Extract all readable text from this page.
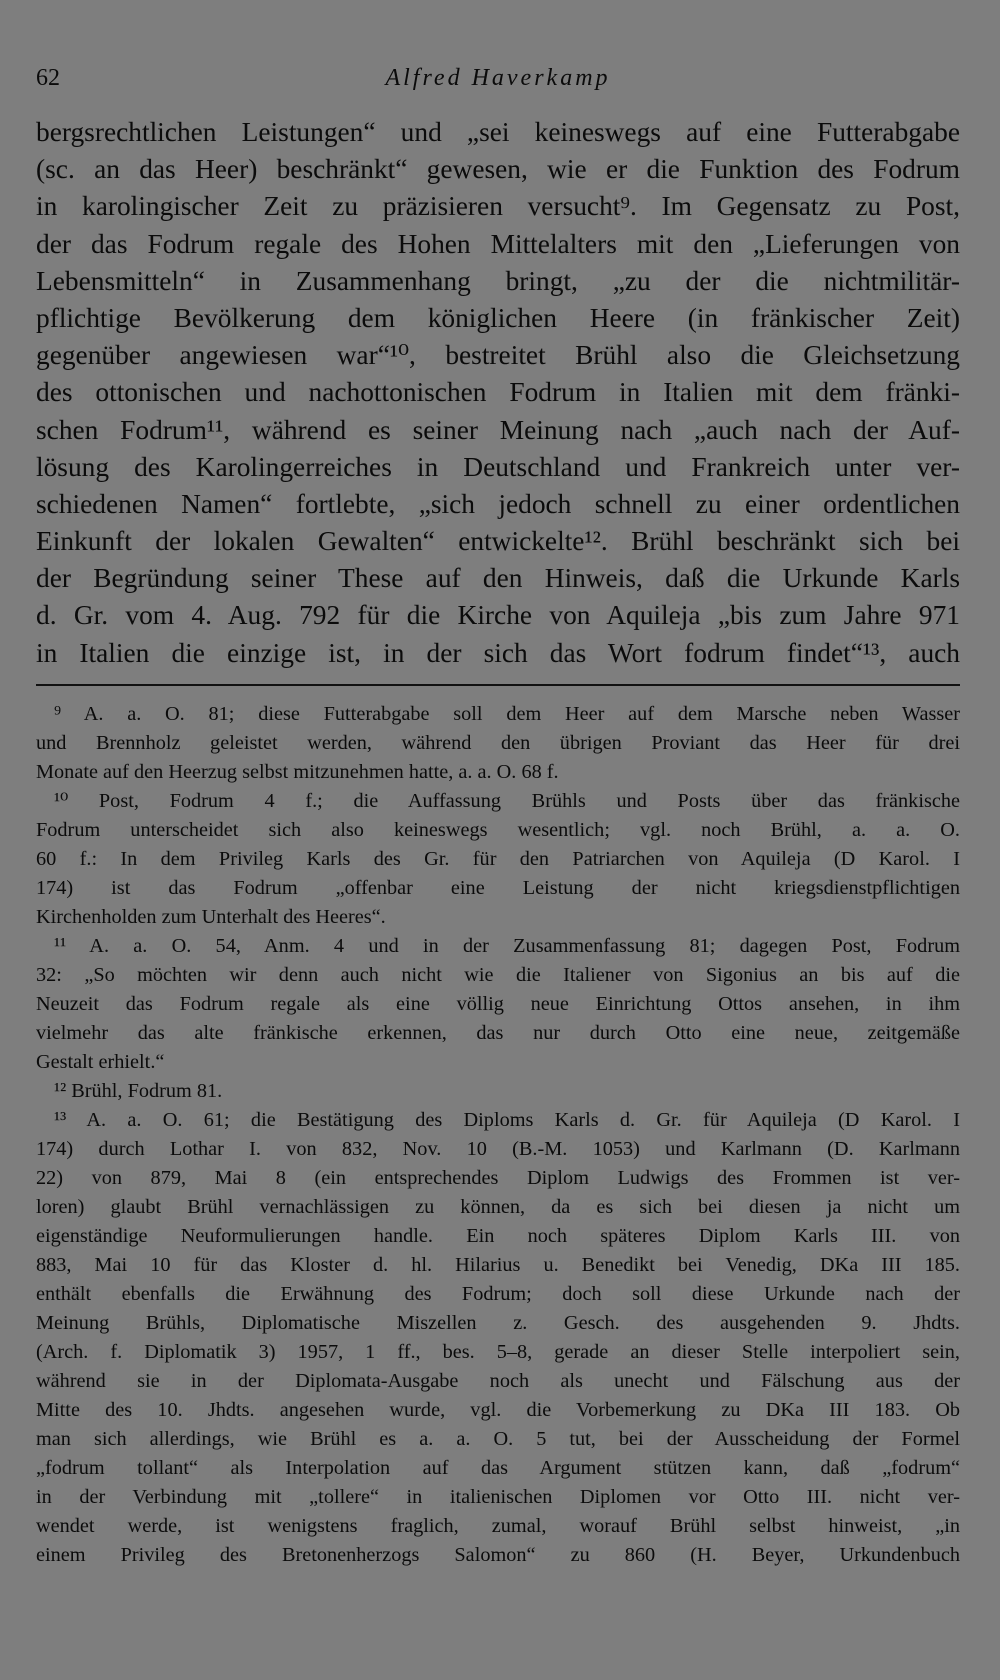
62	Alfred Haverkamp
bergsrechtlichen Leistungen“ und „sei keineswegs auf eine Futterabgabe
(sc. an das Heer) beschränkt“ gewesen, wie er die Funktion des Fodrum
in karolingischer Zeit zu präzisieren versucht⁹. Im Gegensatz zu Post,
der das Fodrum regale des Hohen Mittelalters mit den „Lieferungen von
Lebensmitteln“ in Zusammenhang bringt, „zu der die nichtmilitär-
pflichtige Bevölkerung dem königlichen Heere (in fränkischer Zeit)
gegenüber angewiesen war“¹⁰, bestreitet Brühl also die Gleichsetzung
des ottonischen und nachottonischen Fodrum in Italien mit dem fränki-
schen Fodrum¹¹, während es seiner Meinung nach „auch nach der Auf-
lösung des Karolingerreiches in Deutschland und Frankreich unter ver-
schiedenen Namen“ fortlebte, „sich jedoch schnell zu einer ordentlichen
Einkunft der lokalen Gewalten“ entwickelte¹². Brühl beschränkt sich bei
der Begründung seiner These auf den Hinweis, daß die Urkunde Karls
d. Gr. vom 4. Aug. 792 für die Kirche von Aquileja „bis zum Jahre 971
in Italien die einzige ist, in der sich das Wort fodrum findet“¹³, auch
⁹ A. a. O. 81; diese Futterabgabe soll dem Heer auf dem Marsche neben Wasser
und Brennholz geleistet werden, während den übrigen Proviant das Heer für drei
Monate auf den Heerzug selbst mitzunehmen hatte, a. a. O. 68 f.
¹⁰ Post, Fodrum 4 f.; die Auffassung Brühls und Posts über das fränkische
Fodrum unterscheidet sich also keineswegs wesentlich; vgl. noch Brühl, a. a. O.
60 f.: In dem Privileg Karls des Gr. für den Patriarchen von Aquileja (D Karol. I
174) ist das Fodrum „offenbar eine Leistung der nicht kriegsdienstpflichtigen
Kirchenholden zum Unterhalt des Heeres“.
¹¹ A. a. O. 54, Anm. 4 und in der Zusammenfassung 81; dagegen Post, Fodrum
32: „So möchten wir denn auch nicht wie die Italiener von Sigonius an bis auf die
Neuzeit das Fodrum regale als eine völlig neue Einrichtung Ottos ansehen, in ihm
vielmehr das alte fränkische erkennen, das nur durch Otto eine neue, zeitgemäße
Gestalt erhielt.“
¹² Brühl, Fodrum 81.
¹³ A. a. O. 61; die Bestätigung des Diploms Karls d. Gr. für Aquileja (D Karol. I
174) durch Lothar I. von 832, Nov. 10 (B.-M. 1053) und Karlmann (D. Karlmann
22) von 879, Mai 8 (ein entsprechendes Diplom Ludwigs des Frommen ist ver-
loren) glaubt Brühl vernachlässigen zu können, da es sich bei diesen ja nicht um
eigenständige Neuformulierungen handle. Ein noch späteres Diplom Karls III. von
883, Mai 10 für das Kloster d. hl. Hilarius u. Benedikt bei Venedig, DKa III 185.
enthält ebenfalls die Erwähnung des Fodrum; doch soll diese Urkunde nach der
Meinung Brühls, Diplomatische Miszellen z. Gesch. des ausgehenden 9. Jhdts.
(Arch. f. Diplomatik 3) 1957, 1 ff., bes. 5–8, gerade an dieser Stelle interpoliert sein,
während sie in der Diplomata-Ausgabe noch als unecht und Fälschung aus der
Mitte des 10. Jhdts. angesehen wurde, vgl. die Vorbemerkung zu DKa III 183. Ob
man sich allerdings, wie Brühl es a. a. O. 5 tut, bei der Ausscheidung der Formel
„fodrum tollant“ als Interpolation auf das Argument stützen kann, daß „fodrum“
in der Verbindung mit „tollere“ in italienischen Diplomen vor Otto III. nicht ver-
wendet werde, ist wenigstens fraglich, zumal, worauf Brühl selbst hinweist, „in
einem Privileg des Bretonenherzogs Salomon“ zu 860 (H. Beyer, Urkundenbuch
